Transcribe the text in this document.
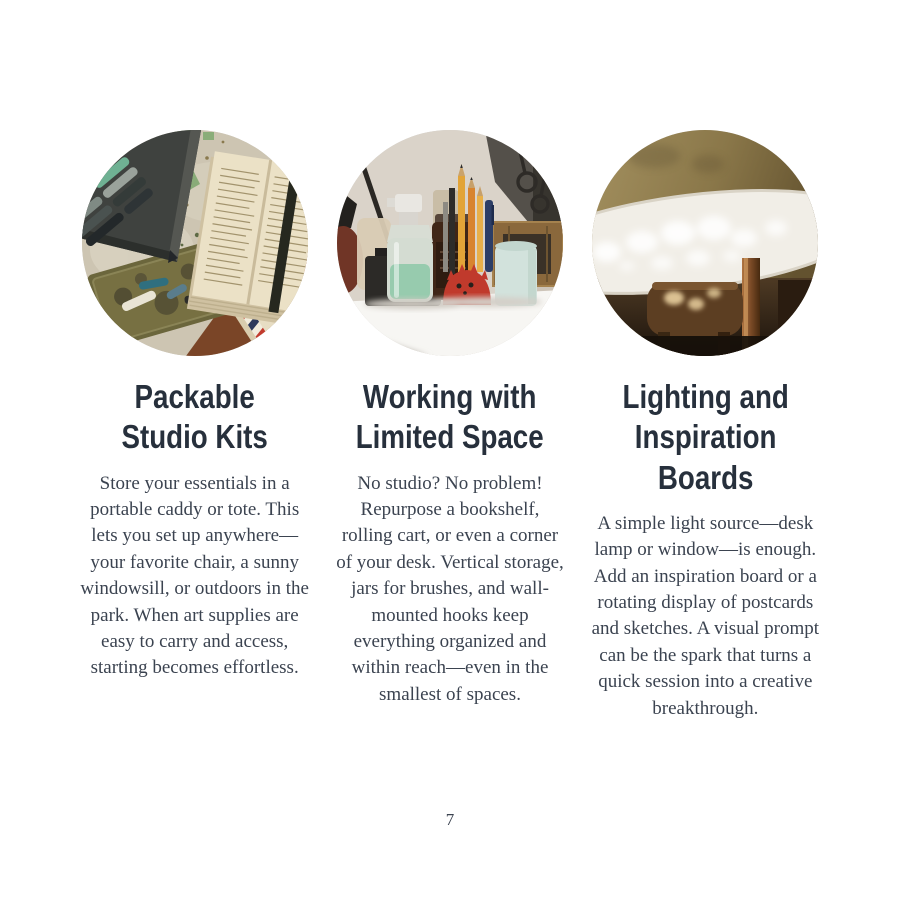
Packable
Studio Kits

Store your essentials in a portable caddy or tote. This lets you set up anywhere—your favorite chair, a sunny windowsill, or outdoors in the park. When art supplies are easy to carry and access, starting becomes effortless.

Working with
Limited Space

No studio? No problem! Repurpose a bookshelf, rolling cart, or even a corner of your desk. Vertical storage, jars for brushes, and wall-mounted hooks keep everything organized and within reach—even in the smallest of spaces.

Lighting and
Inspiration
Boards

A simple light source—desk lamp or window—is enough. Add an inspiration board or a rotating display of postcards and sketches. A visual prompt can be the spark that turns a quick session into a creative breakthrough.

7
